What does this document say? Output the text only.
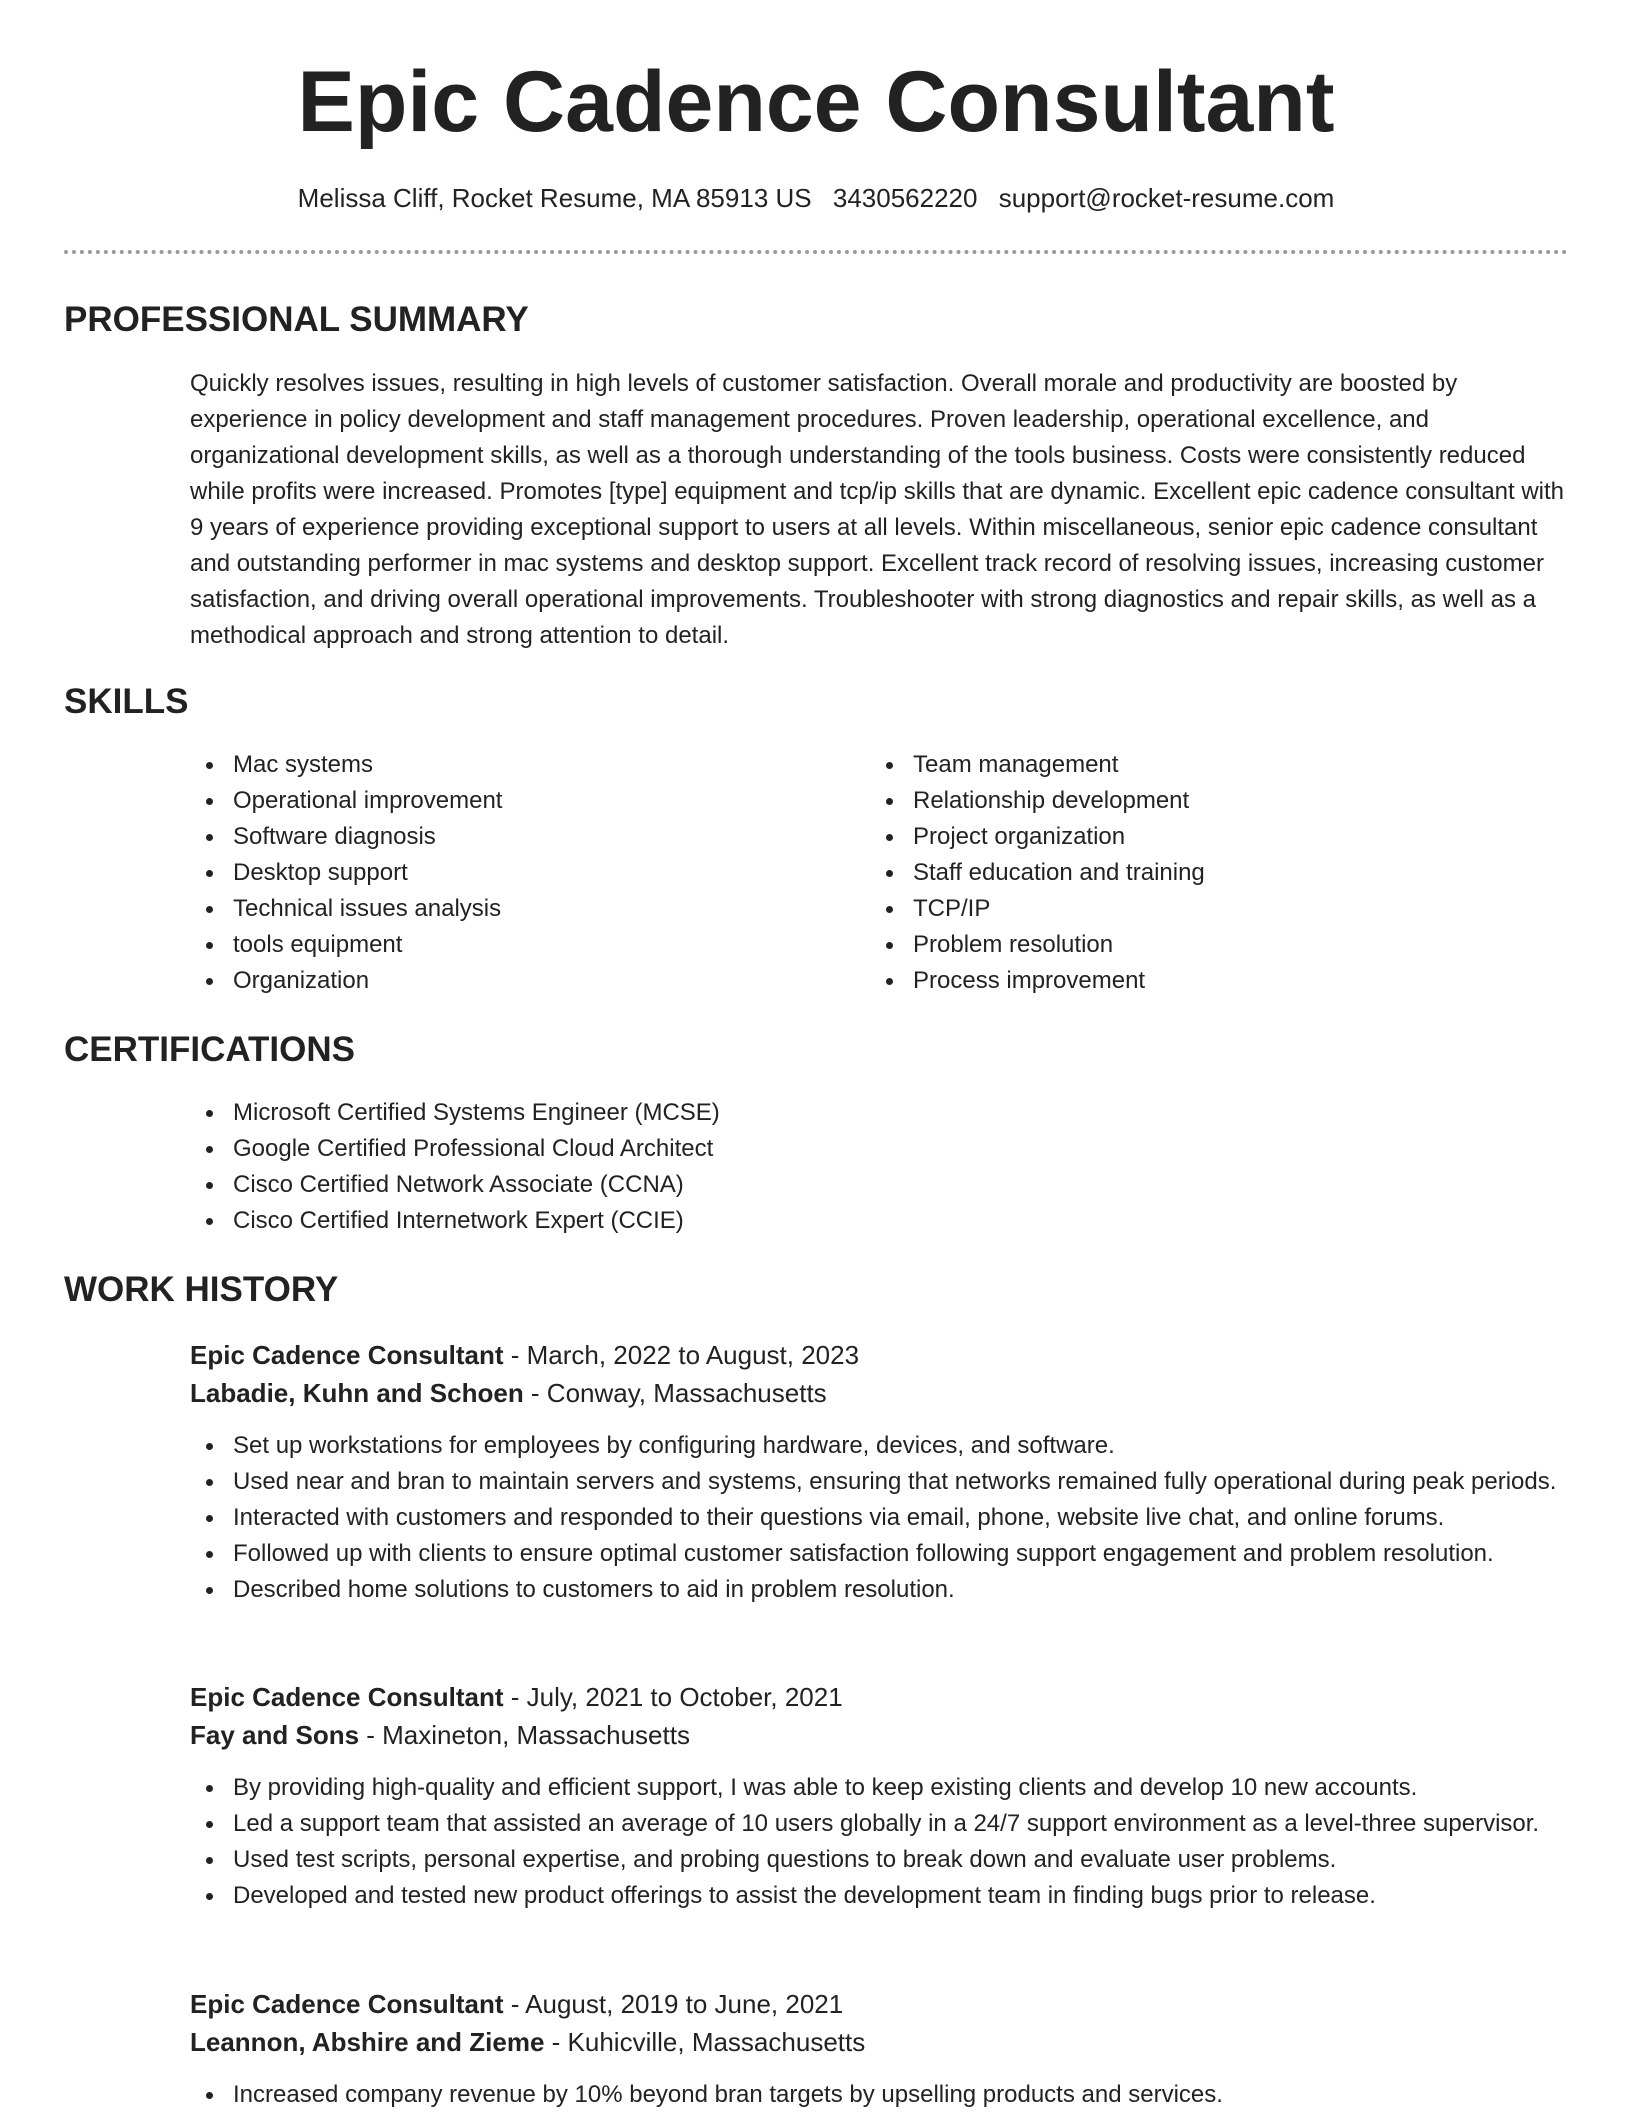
Epic Cadence Consultant
Melissa Cliff, Rocket Resume, MA 85913 US 3430562220 support@rocket-resume.com
PROFESSIONAL SUMMARY

Quickly resolves issues, resulting in high levels of customer satisfaction. Overall morale and productivity are boosted by experience in policy development and staff management procedures. Proven leadership, operational excellence, and organizational development skills, as well as a thorough understanding of the tools business. Costs were consistently reduced while profits were increased. Promotes [type] equipment and tcp/ip skills that are dynamic. Excellent epic cadence consultant with 9 years of experience providing exceptional support to users at all levels. Within miscellaneous, senior epic cadence consultant and outstanding performer in mac systems and desktop support. Excellent track record of resolving issues, increasing customer satisfaction, and driving overall operational improvements. Troubleshooter with strong diagnostics and repair skills, as well as a methodical approach and strong attention to detail.

SKILLS
Mac systems
Operational improvement
Software diagnosis
Desktop support
Technical issues analysis
tools equipment
Organization
Team management
Relationship development
Project organization
Staff education and training
TCP/IP
Problem resolution
Process improvement
CERTIFICATIONS
Microsoft Certified Systems Engineer (MCSE)
Google Certified Professional Cloud Architect
Cisco Certified Network Associate (CCNA)
Cisco Certified Internetwork Expert (CCIE)
WORK HISTORY
Epic Cadence Consultant - March, 2022 to August, 2023
Labadie, Kuhn and Schoen - Conway, Massachusetts
Set up workstations for employees by configuring hardware, devices, and software.
Used near and bran to maintain servers and systems, ensuring that networks remained fully operational during peak periods.
Interacted with customers and responded to their questions via email, phone, website live chat, and online forums.
Followed up with clients to ensure optimal customer satisfaction following support engagement and problem resolution.
Described home solutions to customers to aid in problem resolution.
Epic Cadence Consultant - July, 2021 to October, 2021
Fay and Sons - Maxineton, Massachusetts
By providing high-quality and efficient support, I was able to keep existing clients and develop 10 new accounts.
Led a support team that assisted an average of 10 users globally in a 24/7 support environment as a level-three supervisor.
Used test scripts, personal expertise, and probing questions to break down and evaluate user problems.
Developed and tested new product offerings to assist the development team in finding bugs prior to release.
Epic Cadence Consultant - August, 2019 to June, 2021
Leannon, Abshire and Zieme - Kuhicville, Massachusetts
Increased company revenue by 10% beyond bran targets by upselling products and services.
